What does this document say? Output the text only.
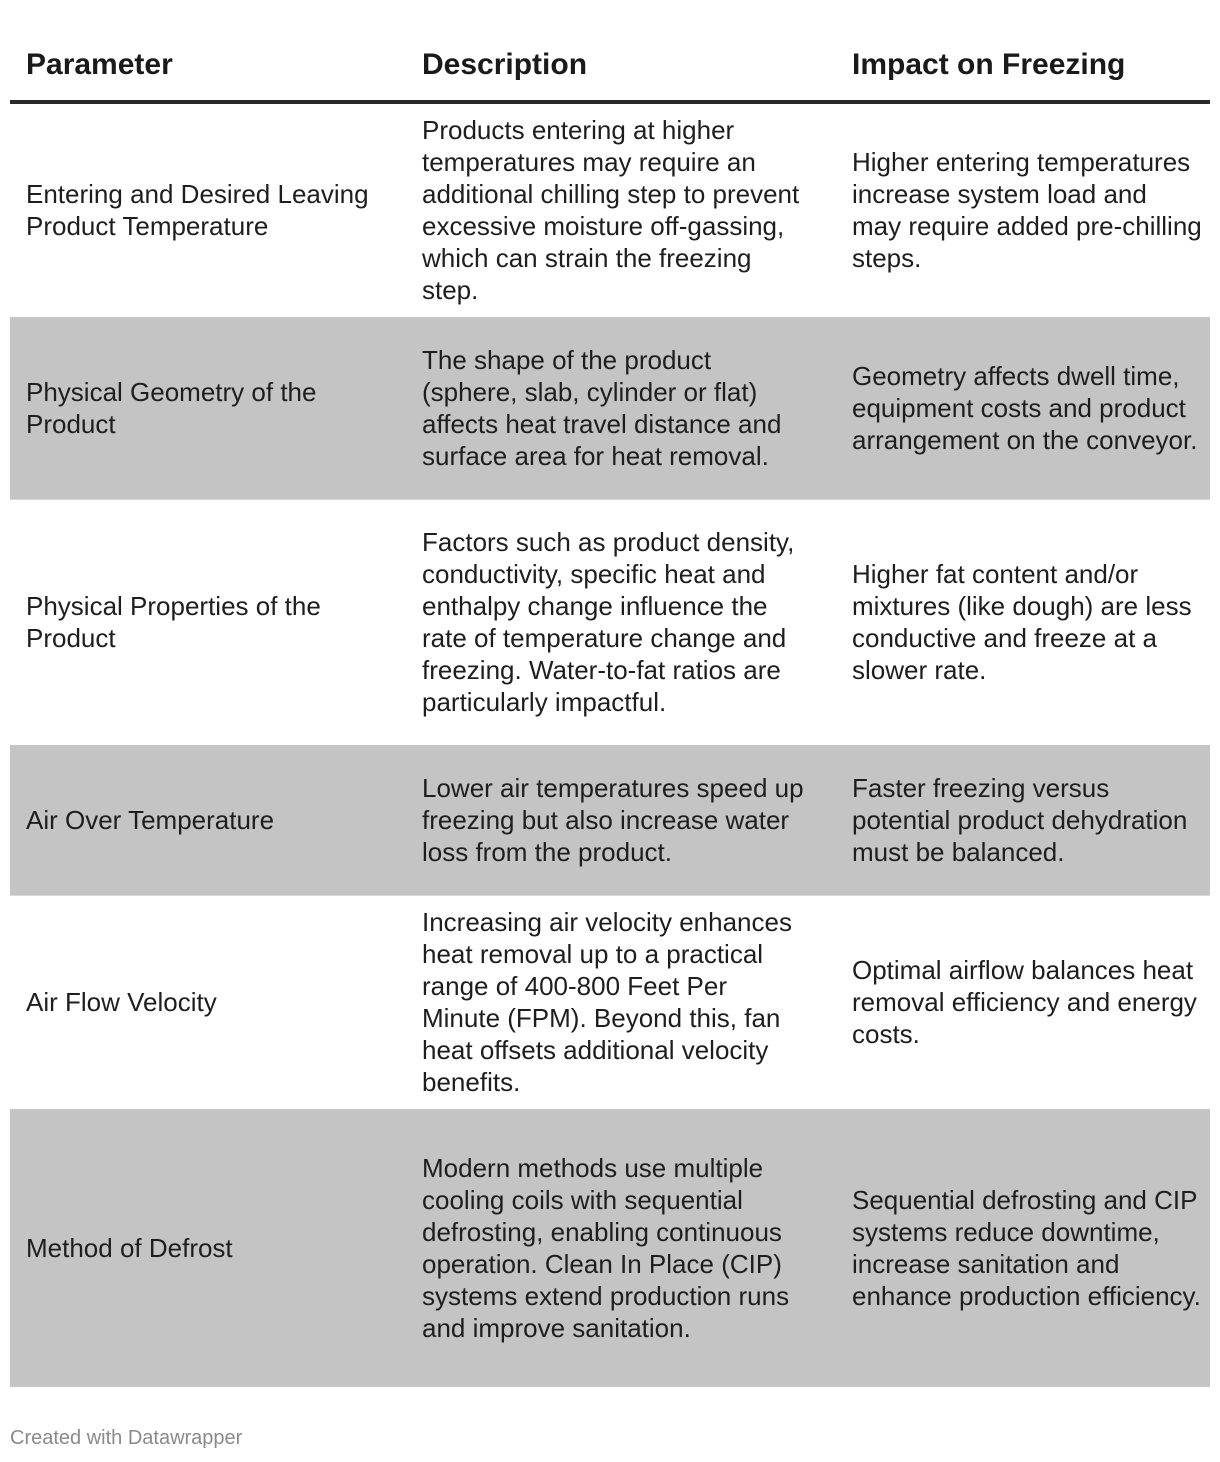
Parameter	Description	Impact on Freezing
Entering and Desired Leaving Product Temperature	Products entering at higher temperatures may require an additional chilling step to prevent excessive moisture off-gassing, which can strain the freezing step.	Higher entering temperatures increase system load and may require added pre-chilling steps.
Physical Geometry of the Product	The shape of the product (sphere, slab, cylinder or flat) affects heat travel distance and surface area for heat removal.	Geometry affects dwell time, equipment costs and product arrangement on the conveyor.
Physical Properties of the Product	Factors such as product density, conductivity, specific heat and enthalpy change influence the rate of temperature change and freezing. Water-to-fat ratios are particularly impactful.	Higher fat content and/or mixtures (like dough) are less conductive and freeze at a slower rate.
Air Over Temperature	Lower air temperatures speed up freezing but also increase water loss from the product.	Faster freezing versus potential product dehydration must be balanced.
Air Flow Velocity	Increasing air velocity enhances heat removal up to a practical range of 400-800 Feet Per Minute (FPM). Beyond this, fan heat offsets additional velocity benefits.	Optimal airflow balances heat removal efficiency and energy costs.
Method of Defrost	Modern methods use multiple cooling coils with sequential defrosting, enabling continuous operation. Clean In Place (CIP) systems extend production runs and improve sanitation.	Sequential defrosting and CIP systems reduce downtime, increase sanitation and enhance production efficiency.
Created with Datawrapper
